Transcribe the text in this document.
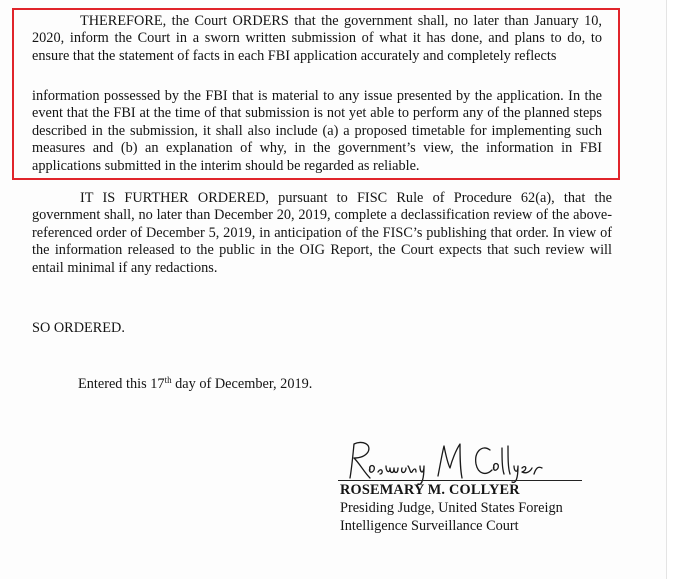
THEREFORE, the Court ORDERS that the government shall, no later than January 10, 2020, inform the Court in a sworn written submission of what it has done, and plans to do, to ensure that the statement of facts in each FBI application accurately and completely reflects

information possessed by the FBI that is material to any issue presented by the application. In the event that the FBI at the time of that submission is not yet able to perform any of the planned steps described in the submission, it shall also include (a) a proposed timetable for implementing such measures and (b) an explanation of why, in the government’s view, the information in FBI applications submitted in the interim should be regarded as reliable.

IT IS FURTHER ORDERED, pursuant to FISC Rule of Procedure 62(a), that the government shall, no later than December 20, 2019, complete a declassification review of the above-referenced order of December 5, 2019, in anticipation of the FISC’s publishing that order. In view of the information released to the public in the OIG Report, the Court expects that such review will entail minimal if any redactions.

SO ORDERED.

Entered this 17th day of December, 2019.

ROSEMARY M. COLLYER

Presiding Judge, United States Foreign

Intelligence Surveillance Court
